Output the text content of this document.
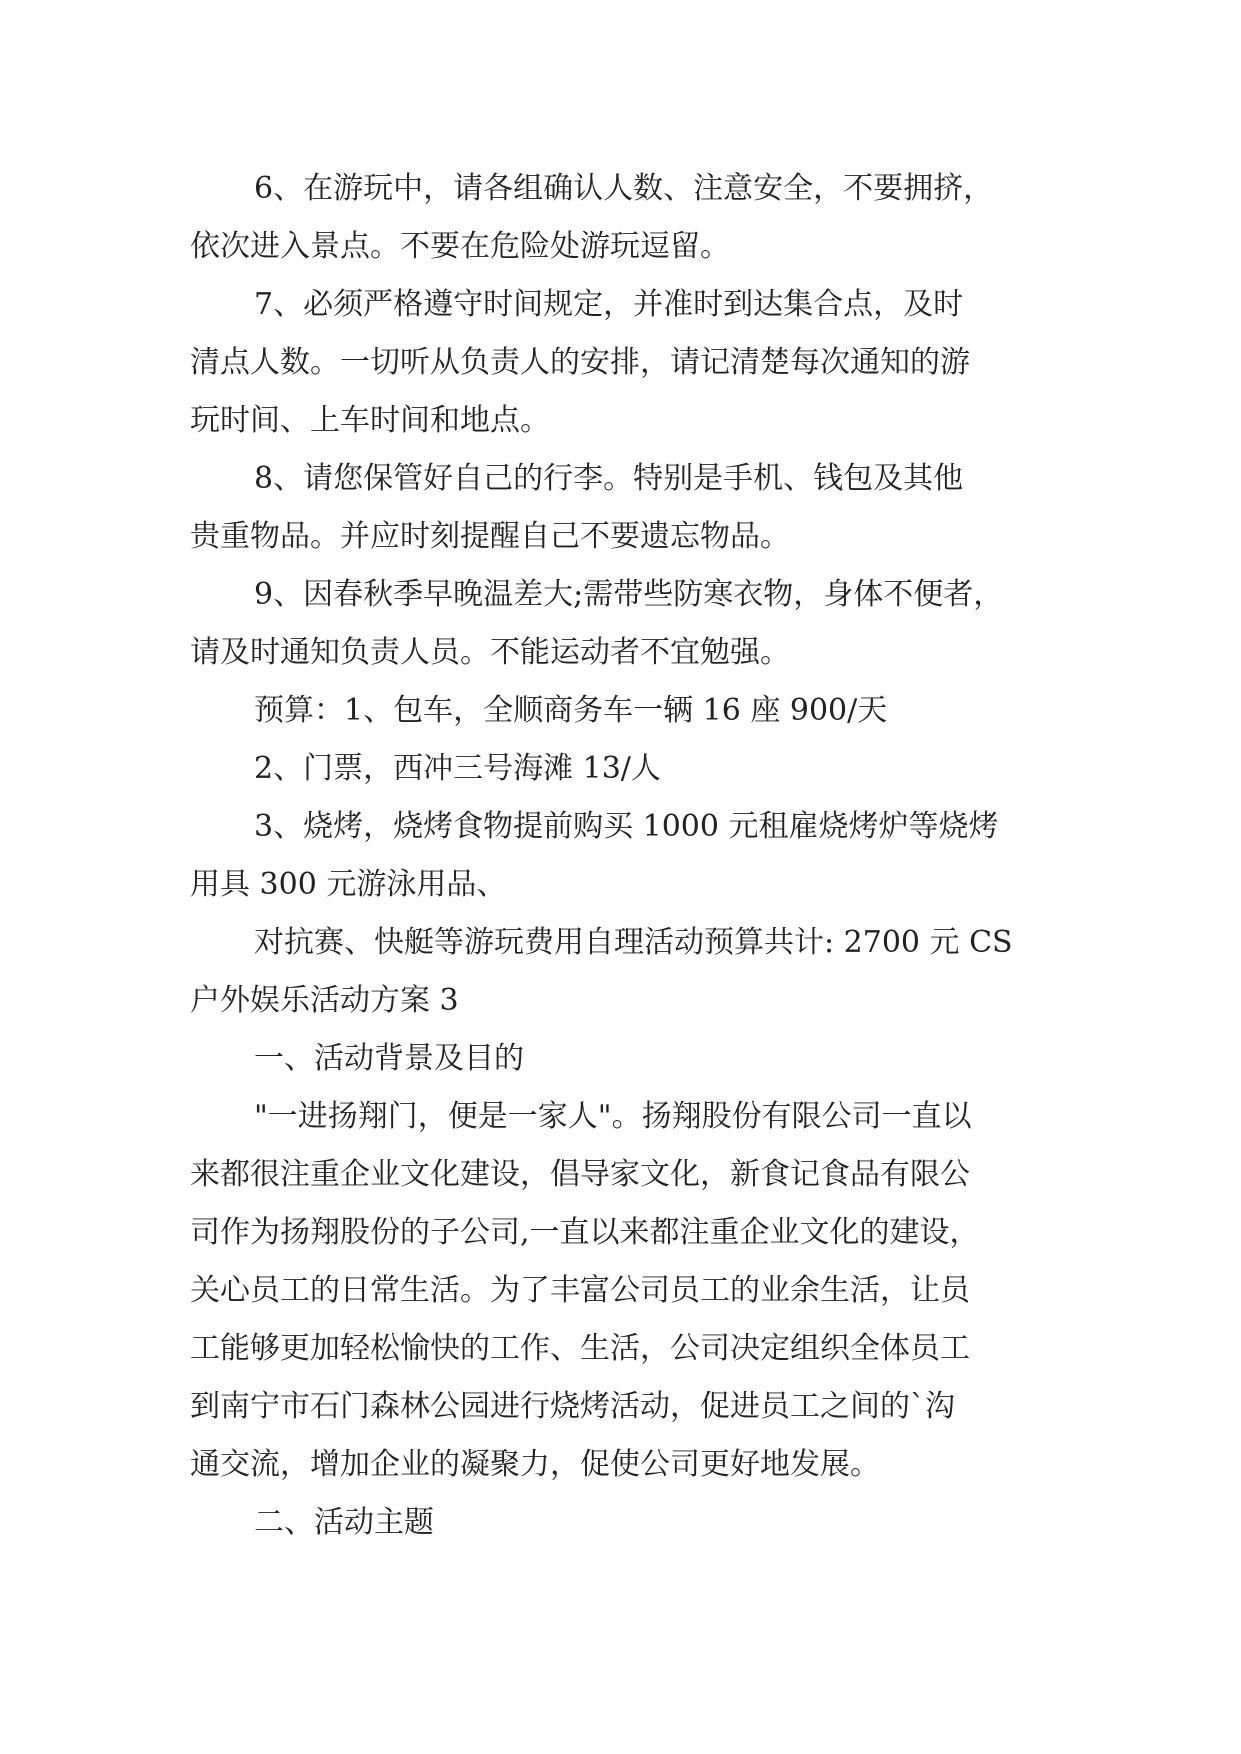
6、在游玩中，请各组确认人数、注意安全，不要拥挤，
依次进入景点。不要在危险处游玩逗留。
7、必须严格遵守时间规定，并准时到达集合点，及时
清点人数。一切听从负责人的安排，请记清楚每次通知的游
玩时间、上车时间和地点。
8、请您保管好自己的行李。特别是手机、钱包及其他
贵重物品。并应时刻提醒自己不要遗忘物品。
9、因春秋季早晚温差大;需带些防寒衣物，身体不便者，
请及时通知负责人员。不能运动者不宜勉强。
预算：1、包车，全顺商务车一辆 16 座 900/天
2、门票，西冲三号海滩 13/人
3、烧烤，烧烤食物提前购买 1000 元租雇烧烤炉等烧烤
用具 300 元游泳用品、
对抗赛、快艇等游玩费用自理活动预算共计: 2700 元 CS
户外娱乐活动方案 3
一、活动背景及目的
"一进扬翔门，便是一家人"。扬翔股份有限公司一直以
来都很注重企业文化建设，倡导家文化，新食记食品有限公
司作为扬翔股份的子公司,一直以来都注重企业文化的建设，
关心员工的日常生活。为了丰富公司员工的业余生活，让员
工能够更加轻松愉快的工作、生活，公司决定组织全体员工
到南宁市石门森林公园进行烧烤活动，促进员工之间的`沟
通交流，增加企业的凝聚力，促使公司更好地发展。
二、活动主题
